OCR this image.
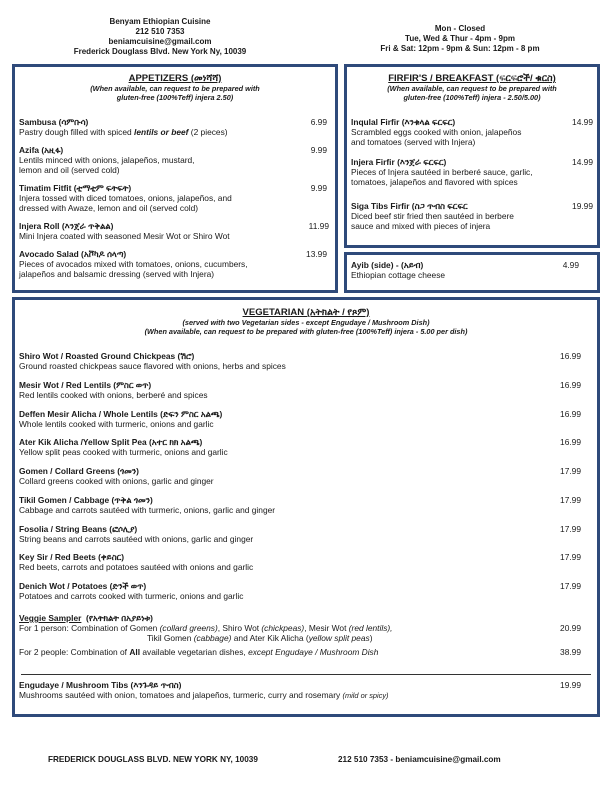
Benyam Ethiopian Cuisine
212 510 7353
beniamcuisine@gmail.com
Frederick Douglass Blvd. New York Ny, 10039
Mon - Closed
Tue, Wed & Thur - 4pm - 9pm
Fri & Sat: 12pm - 9pm & Sun: 12pm - 8 pm
APPETIZERS (መነሻሻ)
(When available, can request to be prepared with
gluten-free (100%Teff) injera 2.50)
Sambusa (ሳምቡሳ)
Pastry dough filled with spiced lentils or beef (2 pieces)
6.99
Azifa (አዚፋ)
Lentils minced with onions, jalapeños, mustard,
lemon and oil (served cold)
9.99
Timatim Fitfit (ቲማቲም ፍትፍት)
Injera tossed with diced tomatoes, onions, jalapeños, and
dressed with Awaze, lemon and oil (served cold)
9.99
Injera Roll (እንጀራ ጥቅልል)
Mini Injera coated with seasoned Mesir Wot or Shiro Wot
11.99
Avocado Salad (አቮካዶ ሰላጣ)
Pieces of avocados mixed with tomatoes, onions, cucumbers,
jalapeños and balsamic dressing (served with Injera)
13.99
FIRFIR'S / BREAKFAST (ፍርፍሮች/ ቁርስ)
(When available, can request to be prepared with
gluten-free (100%Teff) injera - 2.50/5.00)
Inqulal Firfir (እንቁላል ፍርፍር)
Scrambled eggs cooked with onion, jalapeños
and tomatoes (served with Injera)
14.99
Injera Firfir (እንጀራ ፍርፍር)
Pieces of Injera sautéed in berberé sauce, garlic,
tomatoes, jalapeños and flavored with spices
14.99
Siga Tibs Firfir (ስጋ ጥብስ ፍርፍር
Diced beef stir fried then sautéed in berbere
sauce and mixed with pieces of injera
19.99
Ayib (side) - (አይብ)
Ethiopian cottage cheese
4.99
VEGETARIAN (አትክልት / የጾም)
(served with two Vegetarian sides - except Engudaye / Mushroom Dish)
(When available, can request to be prepared with gluten-free (100%Teff) injera - 5.00 per dish)
Shiro Wot / Roasted Ground Chickpeas (ሽሮ)
Ground roasted chickpeas sauce flavored with onions, herbs and spices
16.99
Mesir Wot / Red Lentils (ምስር ወጥ)
Red lentils cooked with onions, berberé and spices
16.99
Deffen Mesir Alicha / Whole Lentils (ድፍን ምስር አልጫ)
Whole lentils cooked with turmeric, onions and garlic
16.99
Ater Kik Alicha /Yellow Split Pea (አተር ክክ አልጫ)
Yellow split peas cooked with turmeric, onions and garlic
16.99
Gomen / Collard Greens (ጎመን)
Collard greens cooked with onions, garlic and ginger
17.99
Tikil Gomen / Cabbage (ጥቅል ጎመን)
Cabbage and carrots sautéed with turmeric, onions, garlic and ginger
17.99
Fosolia / String Beans (ፎሶሊያ)
String beans and carrots sautéed with onions, garlic and ginger
17.99
Key Sir / Red Beets (ቀይስር)
Red beets, carrots and potatoes sautéed with onions and garlic
17.99
Denich Wot / Potatoes (ድንች ወጥ)
Potatoes and carrots cooked with turmeric, onions and garlic
17.99
Veggie Sampler (የአትክልት በአያይነቱ)
For 1 person: Combination of Gomen (collard greens), Shiro Wot (chickpeas), Mesir Wot (red lentils),
Tikil Gomen (cabbage) and Ater Kik Alicha (yellow split peas)
For 2 people: Combination of All available vegetarian dishes, except Engudaye / Mushroom Dish
20.99
38.99
Engudaye / Mushroom Tibs (እንጉዳይ ጥብስ)
Mushrooms sautéed with onion, tomatoes and jalapeños, turmeric, curry and rosemary (mild or spicy)
19.99
FREDERICK DOUGLASS BLVD. NEW YORK NY, 10039	212 510 7353 - beniamcuisine@gmail.com
